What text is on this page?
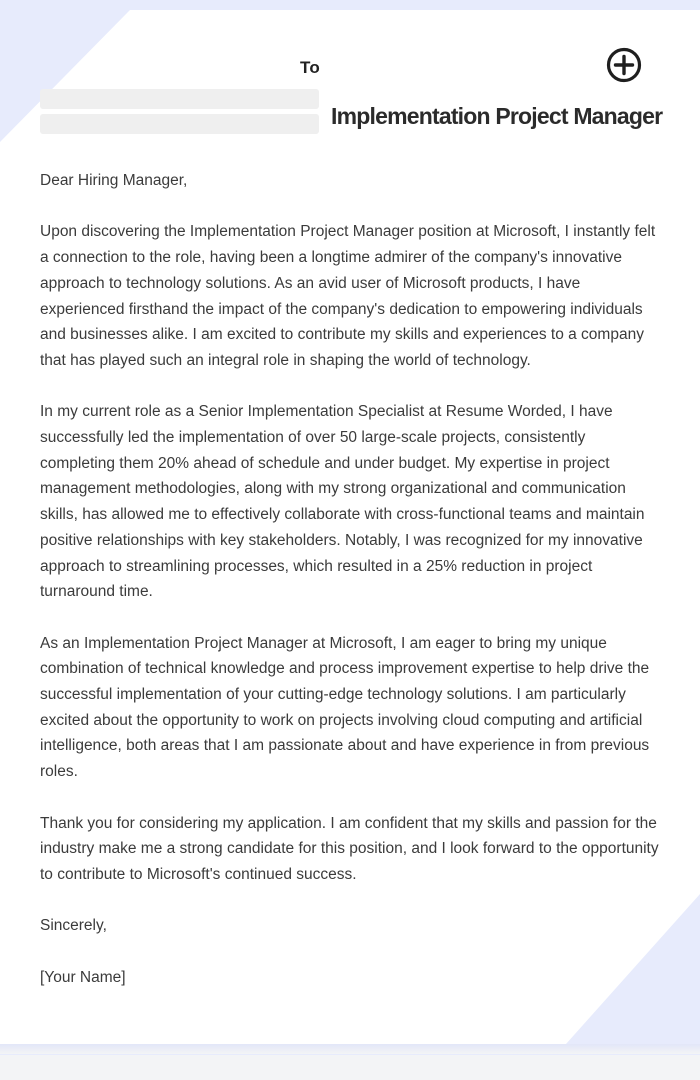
To
Implementation Project Manager

Dear Hiring Manager,

Upon discovering the Implementation Project Manager position at Microsoft, I instantly felt a connection to the role, having been a longtime admirer of the company's innovative approach to technology solutions. As an avid user of Microsoft products, I have experienced firsthand the impact of the company's dedication to empowering individuals and businesses alike. I am excited to contribute my skills and experiences to a company that has played such an integral role in shaping the world of technology.

In my current role as a Senior Implementation Specialist at Resume Worded, I have successfully led the implementation of over 50 large-scale projects, consistently completing them 20% ahead of schedule and under budget. My expertise in project management methodologies, along with my strong organizational and communication skills, has allowed me to effectively collaborate with cross-functional teams and maintain positive relationships with key stakeholders. Notably, I was recognized for my innovative approach to streamlining processes, which resulted in a 25% reduction in project turnaround time.

As an Implementation Project Manager at Microsoft, I am eager to bring my unique combination of technical knowledge and process improvement expertise to help drive the successful implementation of your cutting-edge technology solutions. I am particularly excited about the opportunity to work on projects involving cloud computing and artificial intelligence, both areas that I am passionate about and have experience in from previous roles.

Thank you for considering my application. I am confident that my skills and passion for the industry make me a strong candidate for this position, and I look forward to the opportunity to contribute to Microsoft's continued success.

Sincerely,

[Your Name]
